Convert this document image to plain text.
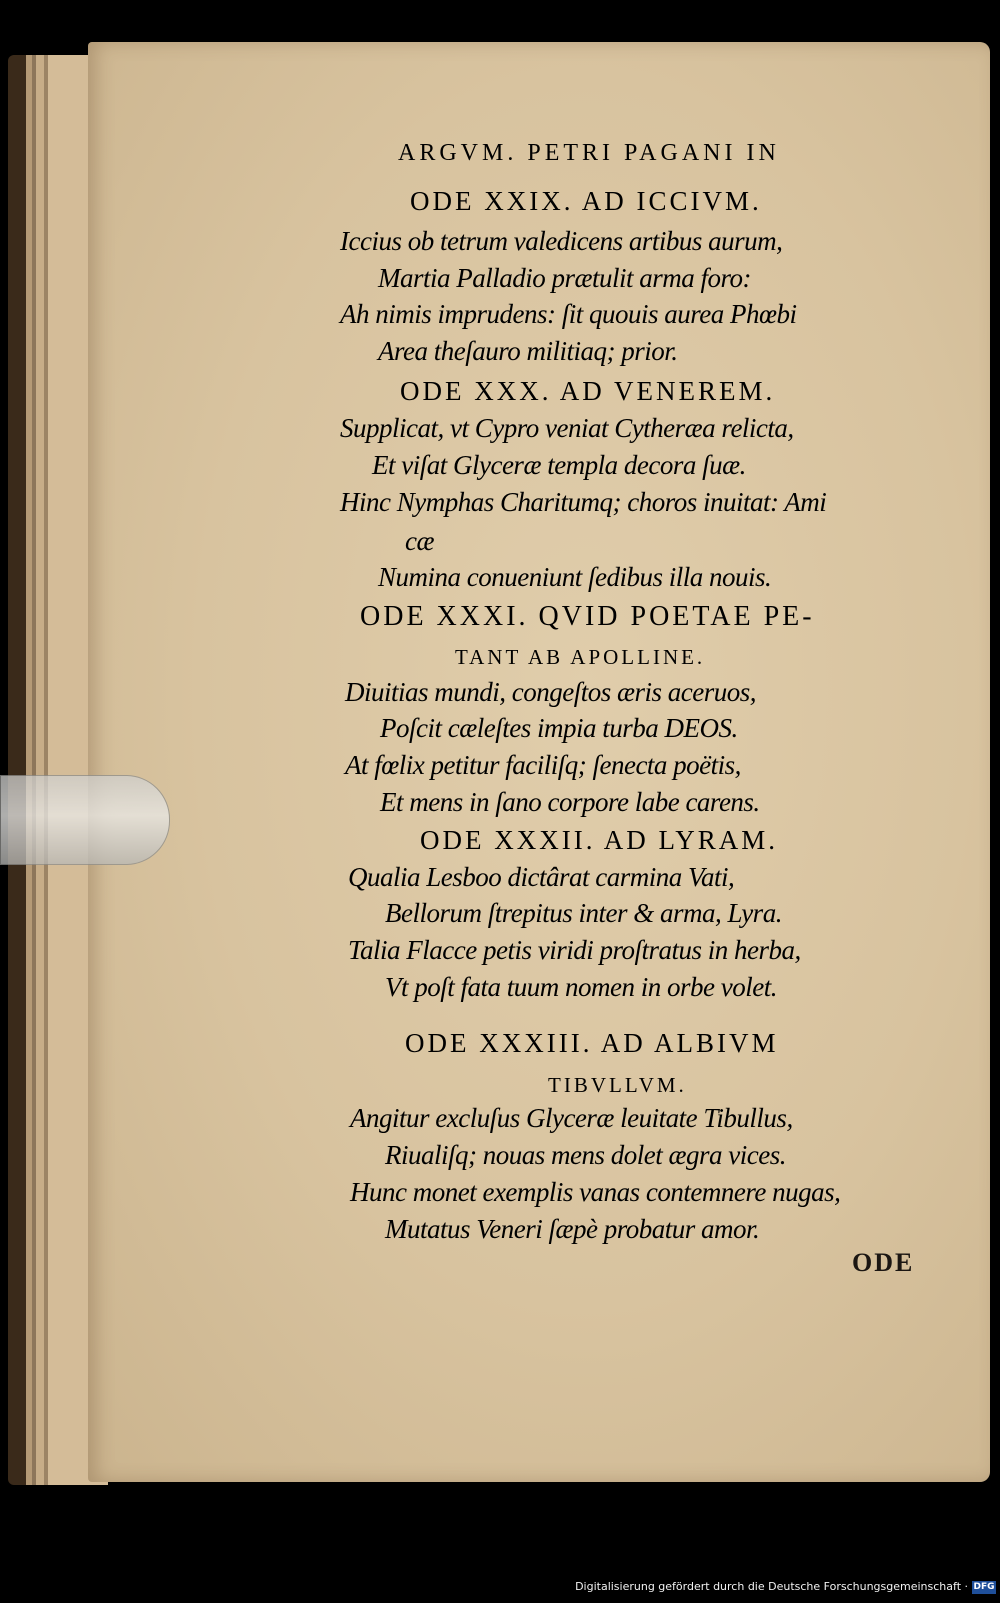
ARGVM. PETRI PAGANI IN
ODE XXIX. AD ICCIVM.
Iccius ob tetrum valedicens artibus aurum,
Martia Palladio prætulit arma foro:
Ah nimis imprudens: ſit quouis aurea Phœbi
Area theſauro militiaq; prior.
ODE XXX. AD VENEREM.
Supplicat, vt Cypro veniat Cytheræa relicta,
Et viſat Glyceræ templa decora ſuæ.
Hinc Nymphas Charitumq; choros inuitat: Ami
cæ
Numina conueniunt ſedibus illa nouis.
ODE XXXI. QVID POETAE PE-
TANT AB APOLLINE.
Diuitias mundi, congeſtos æris aceruos,
Poſcit cæleſtes impia turba DEOS.
At fœlix petitur faciliſq; ſenecta poëtis,
Et mens in ſano corpore labe carens.
ODE XXXII. AD LYRAM.
Qualia Lesboo dictârat carmina Vati,
Bellorum ſtrepitus inter & arma, Lyra.
Talia Flacce petis viridi proſtratus in herba,
Vt poſt fata tuum nomen in orbe volet.
ODE XXXIII. AD ALBIVM
TIBVLLVM.
Angitur excluſus Glyceræ leuitate Tibullus,
Riualiſq; nouas mens dolet ægra vices.
Hunc monet exemplis vanas contemnere nugas,
Mutatus Veneri ſæpè probatur amor.
ODE
Digitalisierung gefördert durch die Deutsche Forschungsgemeinschaft · DFG
